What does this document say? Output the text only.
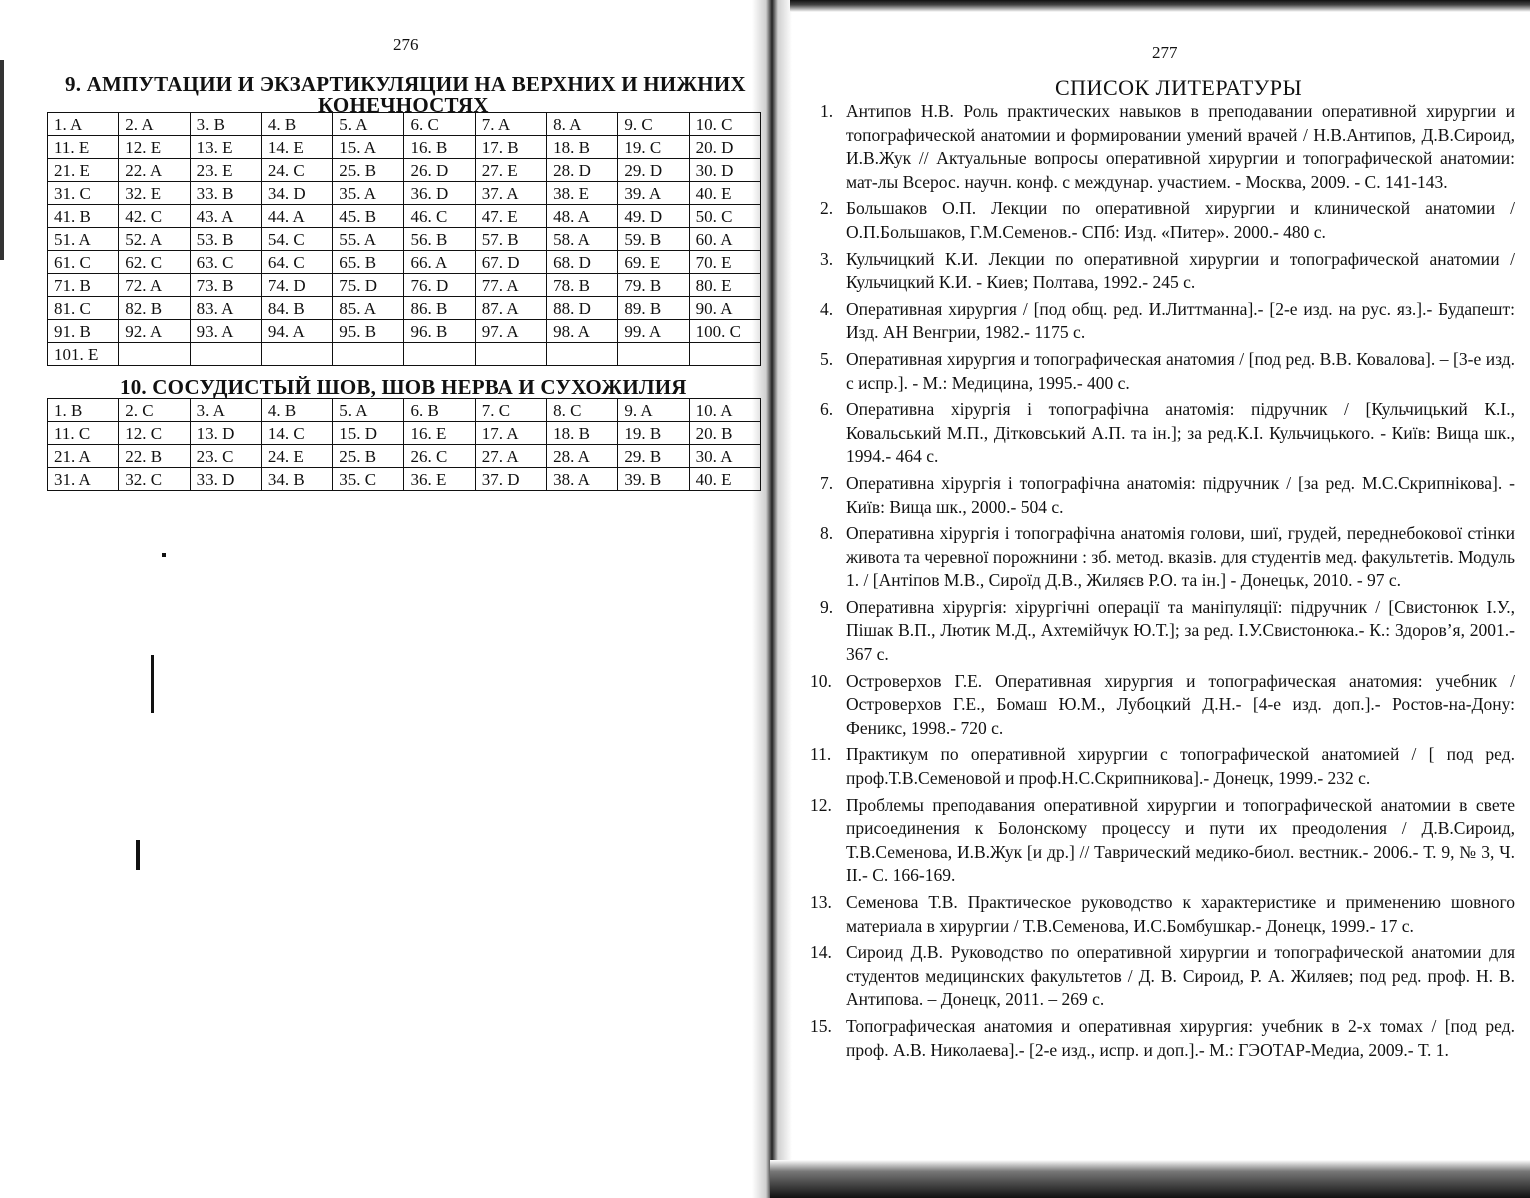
276
9. АМПУТАЦИИ И ЭКЗАРТИКУЛЯЦИИ НА ВЕРХНИХ И НИЖНИХ
КОНЕЧНОСТЯХ
1. A	2. A	3. B	4. B	5. A	6. C	7. A	8. A	9. C	10. C
11. E	12. E	13. E	14. E	15. A	16. B	17. B	18. B	19. C	20. D
21. E	22. A	23. E	24. C	25. B	26. D	27. E	28. D	29. D	30. D
31. C	32. E	33. B	34. D	35. A	36. D	37. A	38. E	39. A	40. E
41. B	42. C	43. A	44. A	45. B	46. C	47. E	48. A	49. D	50. C
51. A	52. A	53. B	54. C	55. A	56. B	57. B	58. A	59. B	60. A
61. C	62. C	63. C	64. C	65. B	66. A	67. D	68. D	69. E	70. E
71. B	72. A	73. B	74. D	75. D	76. D	77. A	78. B	79. B	80. E
81. C	82. B	83. A	84. B	85. A	86. B	87. A	88. D	89. B	90. A
91. B	92. A	93. A	94. A	95. B	96. B	97. A	98. A	99. A	100. C
101. E									
10. СОСУДИСТЫЙ ШОВ, ШОВ НЕРВА И СУХОЖИЛИЯ
1. B	2. C	3. A	4. B	5. A	6. B	7. C	8. C	9. A	10. A
11. C	12. C	13. D	14. C	15. D	16. E	17. A	18. B	19. B	20. B
21. A	22. B	23. C	24. E	25. B	26. C	27. A	28. A	29. B	30. A
31. A	32. C	33. D	34. B	35. C	36. E	37. D	38. A	39. B	40. E
277
СПИСОК ЛИТЕРАТУРЫ
1. Антипов Н.В. Роль практических навыков в преподавании оперативной хирургии и топографической анатомии и формировании умений врачей / Н.В.Антипов, Д.В.Сироид, И.В.Жук // Актуальные вопросы оперативной хирургии и топографической анатомии: мат-лы Всерос. научн. конф. с междунар. участием. - Москва, 2009. - С. 141-143.
2. Большаков О.П. Лекции по оперативной хирургии и клинической анатомии / О.П.Большаков, Г.М.Семенов.- СПб: Изд. «Питер». 2000.- 480 с.
3. Кульчицкий К.И. Лекции по оперативной хирургии и топографической анатомии / Кульчицкий К.И. - Киев; Полтава, 1992.- 245 с.
4. Оперативная хирургия / [под общ. ред. И.Литтманна].- [2-е изд. на рус. яз.].- Будапешт: Изд. АН Венгрии, 1982.- 1175 с.
5. Оперативная хирургия и топографическая анатомия / [под ред. В.В. Ковалова]. – [3-е изд. с испр.]. - М.: Медицина, 1995.- 400 с.
6. Оперативна хірургія і топографічна анатомія: підручник / [Кульчицький К.І., Ковальський М.П., Дітковський А.П. та ін.]; за ред.К.І. Кульчицького. - Київ: Вища шк., 1994.- 464 с.
7. Оперативна хірургія і топографічна анатомія: підручник / [за ред. М.С.Скрипнікова]. - Київ: Вища шк., 2000.- 504 с.
8. Оперативна хірургія і топографічна анатомія голови, шиї, грудей, переднебокової стінки живота та черевної порожнини : зб. метод. вказів. для студентів мед. факультетів. Модуль 1. / [Антіпов М.В., Сироїд Д.В., Жиляєв Р.О. та ін.] - Донецьк, 2010. - 97 с.
9. Оперативна хірургія: хірургічні операції та маніпуляції: підручник / [Свистонюк І.У., Пішак В.П., Лютик М.Д., Ахтемійчук Ю.Т.]; за ред. І.У.Свистонюка.- К.: Здоров’я, 2001.- 367 с.
10. Островерхов Г.Е. Оперативная хирургия и топографическая анатомия: учебник / Островерхов Г.Е., Бомаш Ю.М., Лубоцкий Д.Н.- [4-е изд. доп.].- Ростов-на-Дону: Феникс, 1998.- 720 с.
11. Практикум по оперативной хирургии с топографической анатомией / [ под ред. проф.Т.В.Семеновой и проф.Н.С.Скрипникова].- Донецк, 1999.- 232 с.
12. Проблемы преподавания оперативной хирургии и топографической анатомии в свете присоединения к Болонскому процессу и пути их преодоления / Д.В.Сироид, Т.В.Семенова, И.В.Жук [и др.] // Таврический медико-биол. вестник.- 2006.- Т. 9, № 3, Ч. II.- С. 166-169.
13. Семенова Т.В. Практическое руководство к характеристике и применению шовного материала в хирургии / Т.В.Семенова, И.С.Бомбушкар.- Донецк, 1999.- 17 с.
14. Сироид Д.В. Руководство по оперативной хирургии и топографической анатомии для студентов медицинских факультетов / Д. В. Сироид, Р. А. Жиляев; под ред. проф. Н. В. Антипова. – Донецк, 2011. – 269 с.
15. Топографическая анатомия и оперативная хирургия: учебник в 2-х томах / [под ред. проф. А.В. Николаева].- [2-е изд., испр. и доп.].- М.: ГЭОТАР-Медиа, 2009.- Т. 1.
